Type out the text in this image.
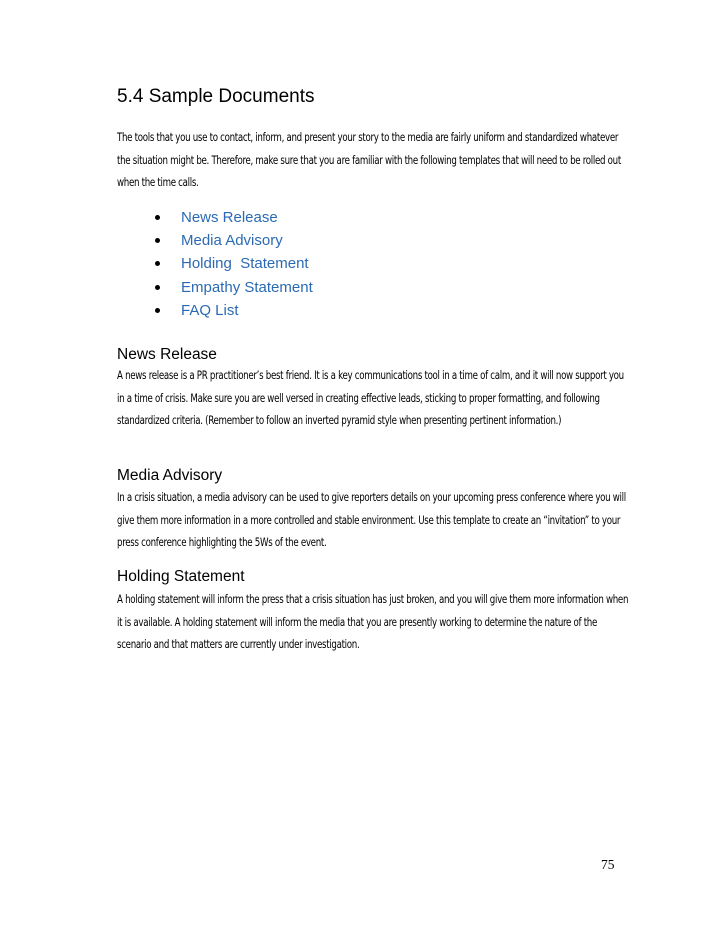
5.4 Sample Documents

The tools that you use to contact, inform, and present your story to the media are fairly uniform and standardized whatever the situation might be. Therefore, make sure that you are familiar with the following templates that will need to be rolled out when the time calls.

News Release
Media Advisory
Holding  Statement
Empathy Statement
FAQ List
News Release

A news release is a PR practitioner’s best friend. It is a key communications tool in a time of calm, and it will now support you in a time of crisis. Make sure you are well versed in creating effective leads, sticking to proper formatting, and following standardized criteria. (Remember to follow an inverted pyramid style when presenting pertinent information.)

Media Advisory

In a crisis situation, a media advisory can be used to give reporters details on your upcoming press conference where you will give them more information in a more controlled and stable environment. Use this template to create an “invitation” to your press conference highlighting the 5Ws of the event.

Holding Statement

A holding statement will inform the press that a crisis situation has just broken, and you will give them more information when it is available. A holding statement will inform the media that you are presently working to determine the nature of the scenario and that matters are currently under investigation.

75
